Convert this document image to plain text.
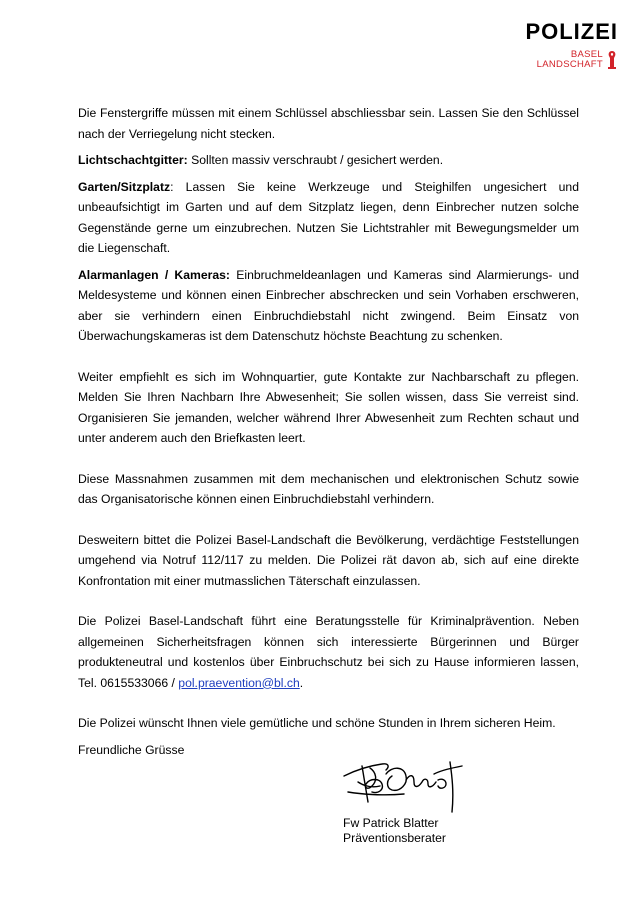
POLIZEI
BASEL
LANDSCHAFT

Die Fenstergriffe müssen mit einem Schlüssel abschliessbar sein. Lassen Sie den Schlüssel nach der Verriegelung nicht stecken.

Lichtschachtgitter: Sollten massiv verschraubt / gesichert werden.

Garten/Sitzplatz: Lassen Sie keine Werkzeuge und Steighilfen ungesichert und unbeaufsichtigt im Garten und auf dem Sitzplatz liegen, denn Einbrecher nutzen solche Gegenstände gerne um einzubrechen. Nutzen Sie Lichtstrahler mit Bewegungsmelder um die Liegenschaft.

Alarmanlagen / Kameras: Einbruchmeldeanlagen und Kameras sind Alarmierungs- und Meldesysteme und können einen Einbrecher abschrecken und sein Vorhaben erschweren, aber sie verhindern einen Einbruchdiebstahl nicht zwingend. Beim Einsatz von Überwachungskameras ist dem Datenschutz höchste Beachtung zu schenken.

Weiter empfiehlt es sich im Wohnquartier, gute Kontakte zur Nachbarschaft zu pflegen. Melden Sie Ihren Nachbarn Ihre Abwesenheit; Sie sollen wissen, dass Sie verreist sind. Organisieren Sie jemanden, welcher während Ihrer Abwesenheit zum Rechten schaut und unter anderem auch den Briefkasten leert.

Diese Massnahmen zusammen mit dem mechanischen und elektronischen Schutz sowie das Organisatorische können einen Einbruchdiebstahl verhindern.

Desweitern bittet die Polizei Basel-Landschaft die Bevölkerung, verdächtige Feststellungen umgehend via Notruf 112/117 zu melden. Die Polizei rät davon ab, sich auf eine direkte Konfrontation mit einer mutmasslichen Täterschaft einzulassen.

Die Polizei Basel-Landschaft führt eine Beratungsstelle für Kriminalprävention. Neben allgemeinen Sicherheitsfragen können sich interessierte Bürgerinnen und Bürger produkteneutral und kostenlos über Einbruchschutz bei sich zu Hause informieren lassen, Tel. 0615533066 / pol.praevention@bl.ch.

Die Polizei wünscht Ihnen viele gemütliche und schöne Stunden in Ihrem sicheren Heim.

Freundliche Grüsse

Fw Patrick Blatter
Präventionsberater
